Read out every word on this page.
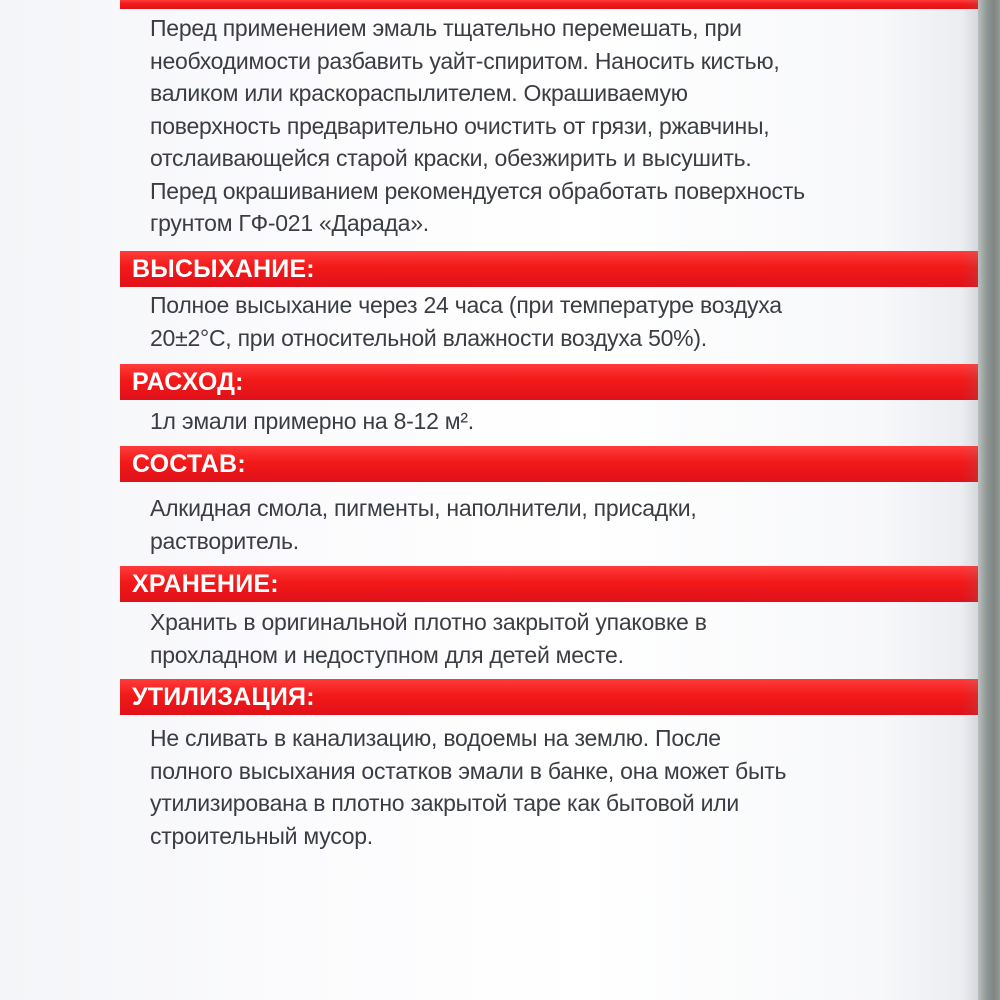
Перед применением эмаль тщательно перемешать, при
необходимости разбавить уайт-спиритом. Наносить кистью,
валиком или краскораспылителем. Окрашиваемую
поверхность предварительно очистить от грязи, ржавчины,
отслаивающейся старой краски, обезжирить и высушить.
Перед окрашиванием рекомендуется обработать поверхность
грунтом ГФ-021 «Дарада».
ВЫСЫХАНИЕ:
Полное высыхание через 24 часа (при температуре воздуха
20±2°С, при относительной влажности воздуха 50%).
РАСХОД:
1л эмали примерно на 8-12 м².
СОСТАВ:
Алкидная смола, пигменты, наполнители, присадки,
растворитель.
ХРАНЕНИЕ:
Хранить в оригинальной плотно закрытой упаковке в
прохладном и недоступном для детей месте.
УТИЛИЗАЦИЯ:
Не сливать в канализацию, водоемы на землю. После
полного высыхания остатков эмали в банке, она может быть
утилизирована в плотно закрытой таре как бытовой или
строительный мусор.
